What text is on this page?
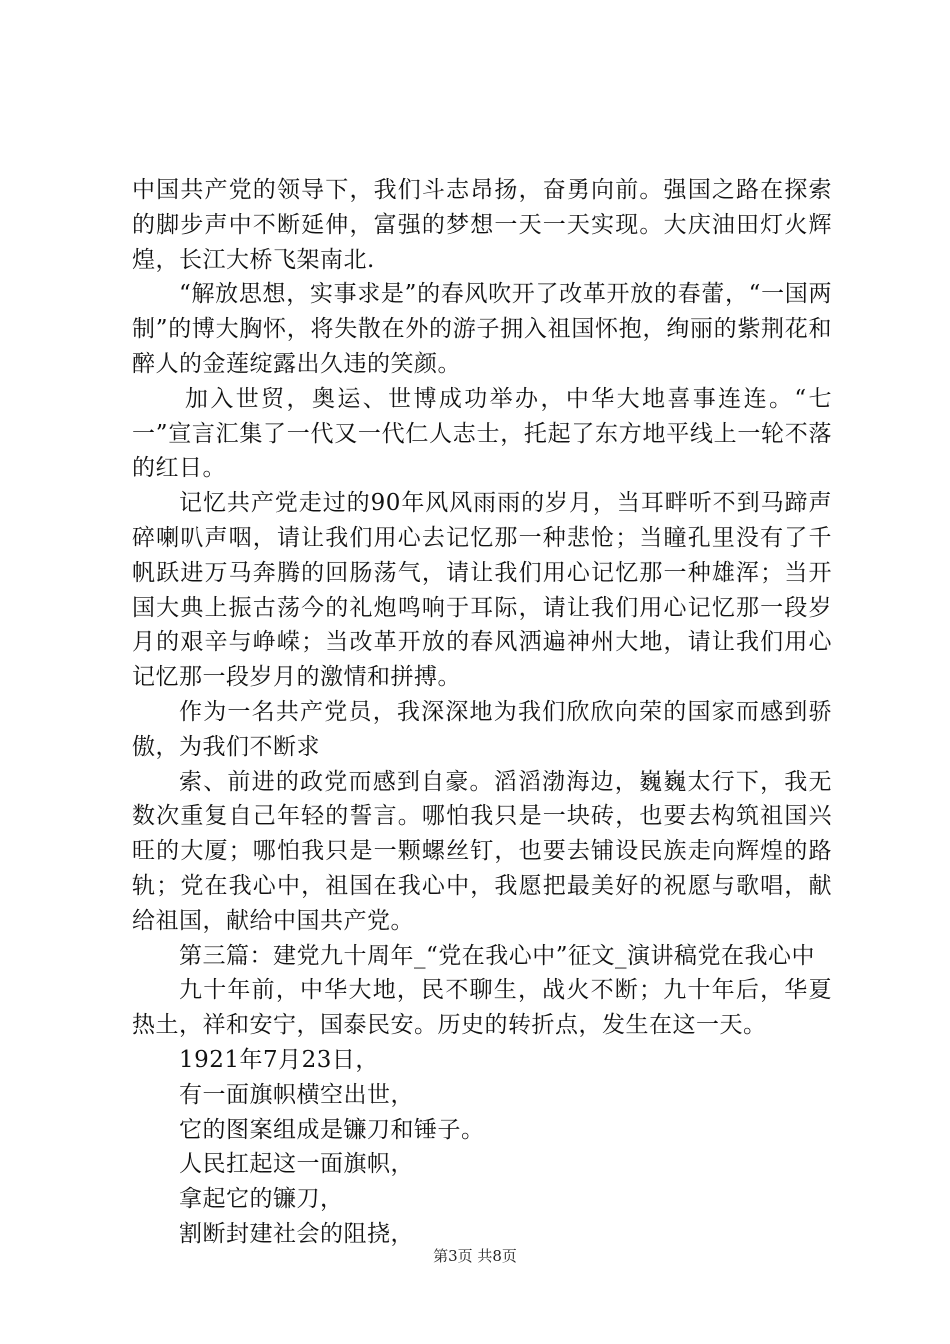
中国共产党的领导下，我们斗志昂扬，奋勇向前。强国之路在探索的脚步声中不断延伸，富强的梦想一天一天实现。大庆油田灯火辉煌，长江大桥飞架南北.

“解放思想，实事求是”的春风吹开了改革开放的春蕾，“一国两制”的博大胸怀，将失散在外的游子拥入祖国怀抱，绚丽的紫荆花和醉人的金莲绽露出久违的笑颜。

加入世贸，奥运、世博成功举办，中华大地喜事连连。“七一”宣言汇集了一代又一代仁人志士，托起了东方地平线上一轮不落的红日。

记忆共产党走过的90年风风雨雨的岁月，当耳畔听不到马蹄声碎喇叭声咽，请让我们用心去记忆那一种悲怆；当瞳孔里没有了千帆跃进万马奔腾的回肠荡气，请让我们用心记忆那一种雄浑；当开国大典上振古荡今的礼炮鸣响于耳际，请让我们用心记忆那一段岁月的艰辛与峥嵘；当改革开放的春风洒遍神州大地，请让我们用心记忆那一段岁月的激情和拼搏。

作为一名共产党员，我深深地为我们欣欣向荣的国家而感到骄傲，为我们不断求

索、前进的政党而感到自豪。滔滔渤海边，巍巍太行下，我无数次重复自己年轻的誓言。哪怕我只是一块砖，也要去构筑祖国兴旺的大厦；哪怕我只是一颗螺丝钉，也要去铺设民族走向辉煌的路轨；党在我心中，祖国在我心中，我愿把最美好的祝愿与歌唱，献给祖国，献给中国共产党。

第三篇：建党九十周年_“党在我心中”征文_演讲稿党在我心中

九十年前，中华大地，民不聊生，战火不断；九十年后，华夏热土，祥和安宁，国泰民安。历史的转折点，发生在这一天。

1921年7月23日，

有一面旗帜横空出世，

它的图案组成是镰刀和锤子。

人民扛起这一面旗帜，

拿起它的镰刀，

割断封建社会的阻挠，

第3页 共8页
